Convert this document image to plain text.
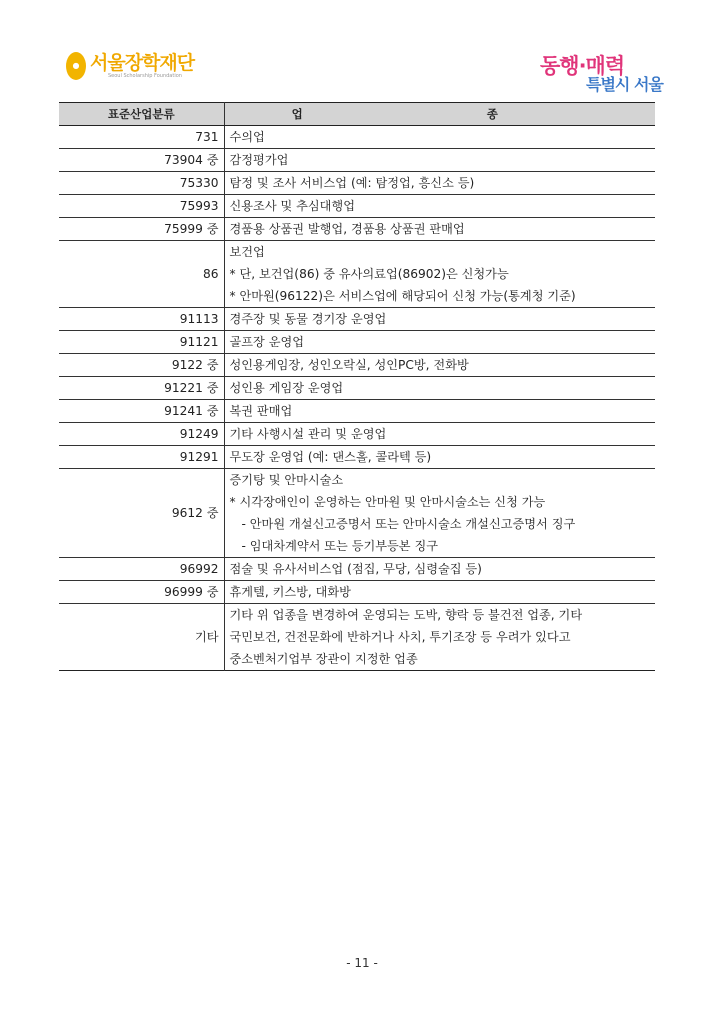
● 서울장학재단
Seoul Scholarship Foundation	동행·매력
특별시 서울
표준산업분류	업 종
731	수의업

73904 중	감정평가업

75330	탐정 및 조사 서비스업 (예: 탐정업, 흥신소 등)

75993	신용조사 및 추심대행업

75999 중	경품용 상품권 발행업, 경품용 상품권 판매업

86	보건업
* 단, 보건업(86) 중 유사의료업(86902)은 신청가능
* 안마원(96122)은 서비스업에 해당되어 신청 가능(통계청 기준)

91113	경주장 및 동물 경기장 운영업

91121	골프장 운영업

9122 중	성인용게임장, 성인오락실, 성인PC방, 전화방

91221 중	성인용 게임장 운영업

91241 중	복권 판매업

91249	기타 사행시설 관리 및 운영업

91291	무도장 운영업 (예: 댄스홀, 콜라텍 등)

9612 중	증기탕 및 안마시술소
* 시각장애인이 운영하는 안마원 및 안마시술소는 신청 가능
- 안마원 개설신고증명서 또는 안마시술소 개설신고증명서 징구
- 임대차계약서 또는 등기부등본 징구

96992	점술 및 유사서비스업 (점집, 무당, 심령술집 등)

96999 중	휴게텔, 키스방, 대화방

기타	기타 위 업종을 변경하여 운영되는 도박, 향락 등 불건전 업종, 기타
국민보건, 건전문화에 반하거나 사치, 투기조장 등 우려가 있다고
중소벤처기업부 장관이 지정한 업종
- 11 -
